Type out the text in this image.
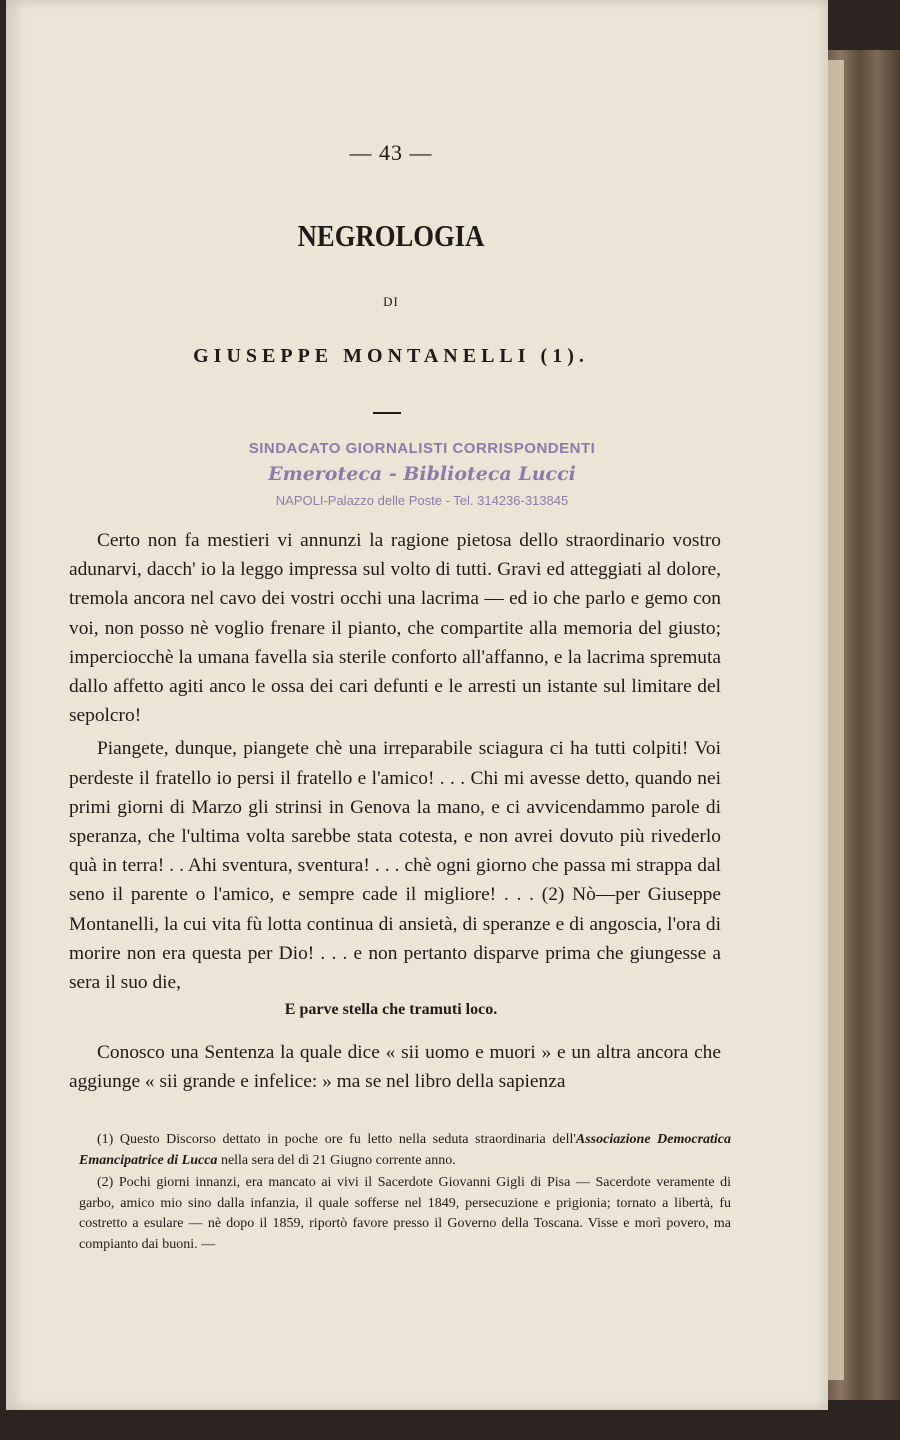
— 43 —
NEGROLOGIA
DI
GIUSEPPE MONTANELLI (1).
SINDACATO GIORNALISTI CORRISPONDENTI
Emeroteca - Biblioteca Lucci
NAPOLI-Palazzo delle Poste - Tel. 314236-313845

Certo non fa mestieri vi annunzi la ragione pietosa dello straordinario vostro adunarvi, dacch' io la leggo impressa sul volto di tutti. Gravi ed atteggiati al dolore, tremola ancora nel cavo dei vostri occhi una lacrima — ed io che parlo e gemo con voi, non posso nè voglio frenare il pianto, che compartite alla memoria del giusto; imperciocchè la umana favella sia sterile conforto all'affanno, e la lacrima spremuta dallo affetto agiti anco le ossa dei cari defunti e le arresti un istante sul limitare del sepolcro!

Piangete, dunque, piangete chè una irreparabile sciagura ci ha tutti colpiti! Voi perdeste il fratello io persi il fratello e l'amico! . . . Chi mi avesse detto, quando nei primi giorni di Marzo gli strinsi in Genova la mano, e ci avvicendammo parole di speranza, che l'ultima volta sarebbe stata cotesta, e non avrei dovuto più rivederlo quà in terra! . . Ahi sventura, sventura! . . . chè ogni giorno che passa mi strappa dal seno il parente o l'amico, e sempre cade il migliore! . . . (2) Nò—per Giuseppe Montanelli, la cui vita fù lotta continua di ansietà, di speranze e di angoscia, l'ora di morire non era questa per Dio! . . . e non pertanto disparve prima che giungesse a sera il suo die,

E parve stella che tramuti loco.

Conosco una Sentenza la quale dice « sii uomo e muori » e un altra ancora che aggiunge « sii grande e infelice: » ma se nel libro della sapienza

(1) Questo Discorso dettato in poche ore fu letto nella seduta straordinaria dell'Associazione Democratica Emancipatrice di Lucca nella sera del dì 21 Giugno corrente anno.

(2) Pochi giorni innanzi, era mancato ai vivi il Sacerdote Giovanni Gigli di Pisa — Sacerdote veramente di garbo, amico mio sino dalla infanzia, il quale sofferse nel 1849, persecuzione e prigionia; tornato a libertà, fu costretto a esulare — nè dopo il 1859, riportò favore presso il Governo della Toscana. Visse e morì povero, ma compianto dai buoni. —
